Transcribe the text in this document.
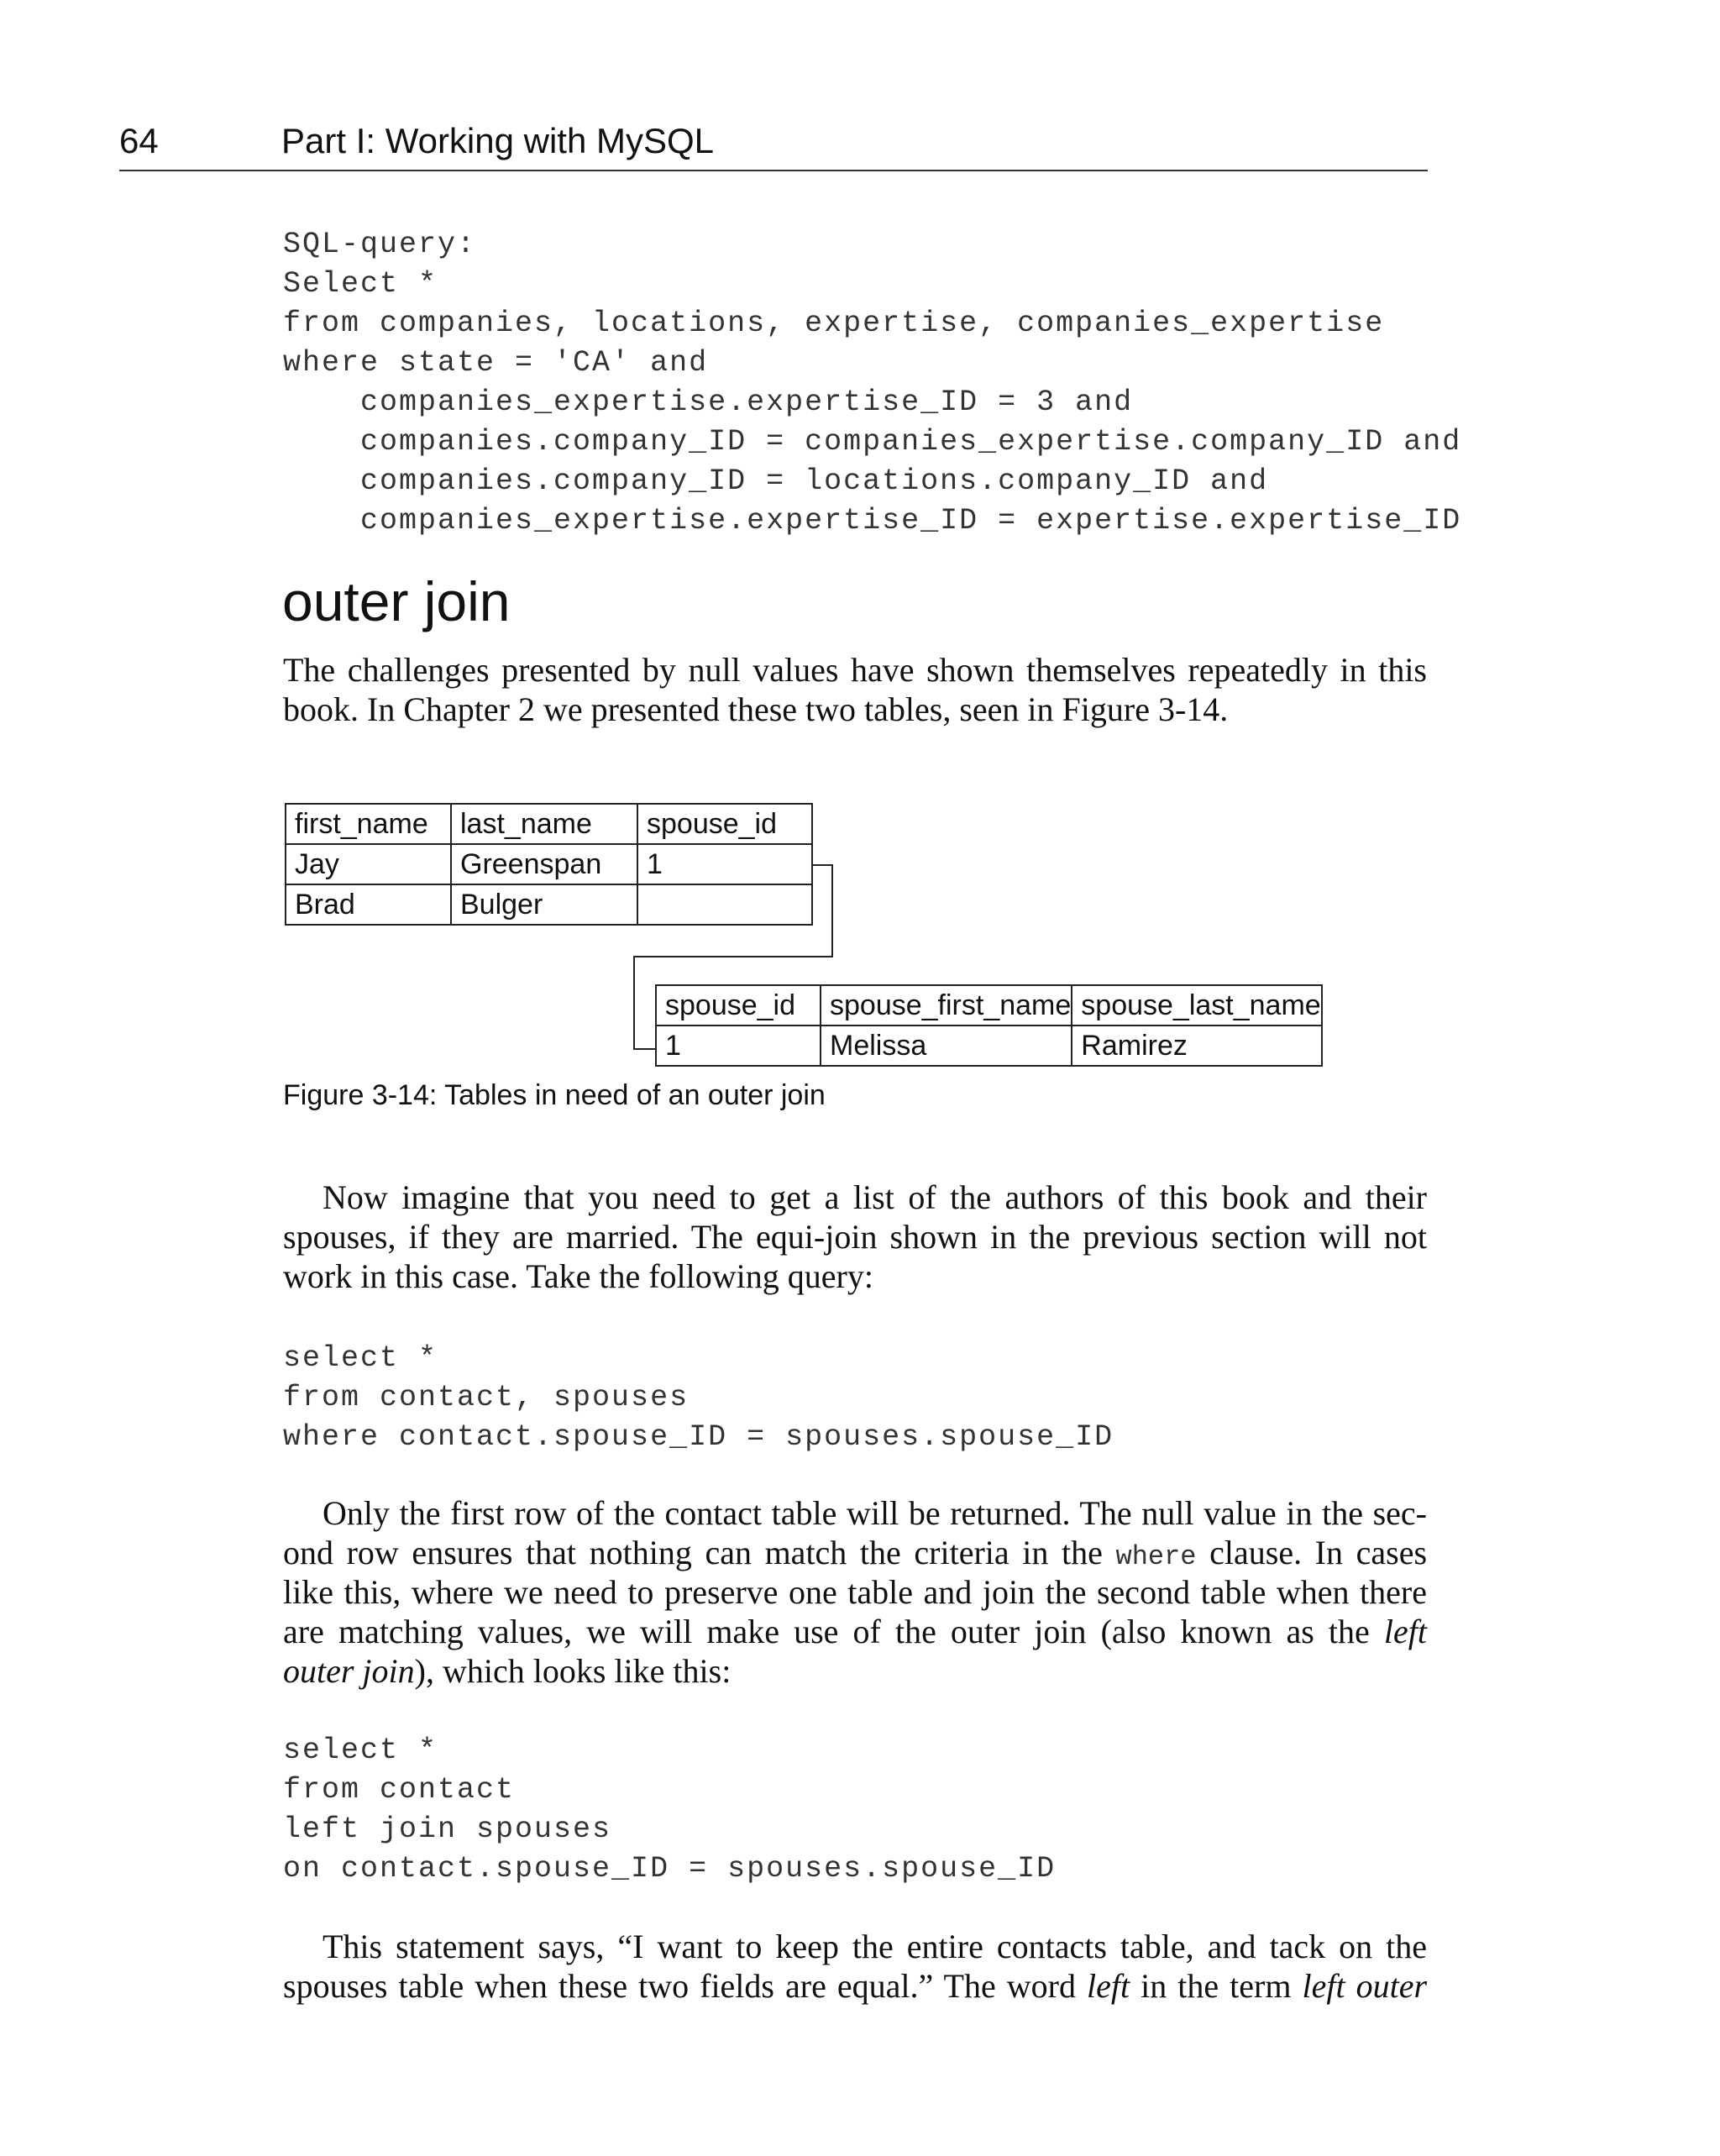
64	Part I: Working with MySQL
SQL-query:
Select *
from companies, locations, expertise, companies_expertise
where state = 'CA' and
companies_expertise.expertise_ID = 3 and
companies.company_ID = companies_expertise.company_ID and
companies.company_ID = locations.company_ID and
companies_expertise.expertise_ID = expertise.expertise_ID
outer join
The challenges presented by null values have shown themselves repeatedly in this
book. In Chapter 2 we presented these two tables, seen in Figure 3-14.
first_name	last_name	spouse_id
Jay	Greenspan	1
Brad	Bulger	
spouse_id	spouse_first_name	spouse_last_name
1	Melissa	Ramirez
Figure 3-14: Tables in need of an outer join
Now imagine that you need to get a list of the authors of this book and their
spouses, if they are married. The equi-join shown in the previous section will not
work in this case. Take the following query:
select *
from contact, spouses
where contact.spouse_ID = spouses.spouse_ID
Only the first row of the contact table will be returned. The null value in the sec-
ond row ensures that nothing can match the criteria in the where clause. In cases
like this, where we need to preserve one table and join the second table when there
are matching values, we will make use of the outer join (also known as the left
outer join), which looks like this:
select *
from contact
left join spouses
on contact.spouse_ID = spouses.spouse_ID
This statement says, “I want to keep the entire contacts table, and tack on the
spouses table when these two fields are equal.” The word left in the term left outer
